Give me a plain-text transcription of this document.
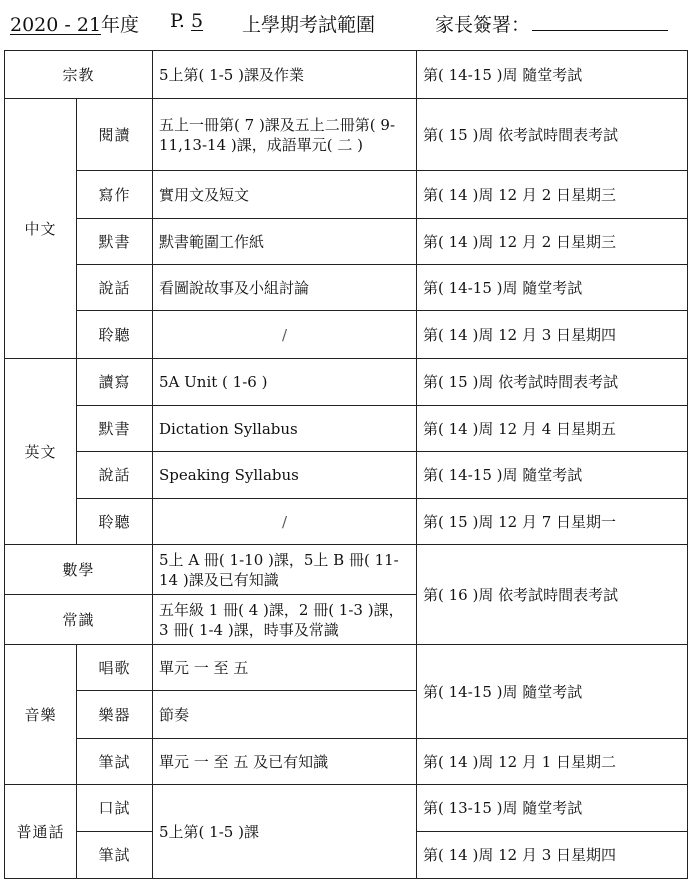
2020 - 21年度 P. 5	上學期考試範圍	家長簽署：
宗教		5上第( 1-5 )課及作業	第( 14-15 )周 隨堂考試
中文	閱讀	五上一冊第( 7 )課及五上二冊第( 9-11,13-14 )課，成語單元( 二 )	第( 15 )周 依考試時間表考試
	寫作	實用文及短文	第( 14 )周 12 月 2 日星期三
	默書	默書範圍工作紙	第( 14 )周 12 月 2 日星期三
	說話	看圖說故事及小組討論	第( 14-15 )周 隨堂考試
	聆聽	/	第( 14 )周 12 月 3 日星期四
英文	讀寫	5A Unit ( 1-6 )	第( 15 )周 依考試時間表考試
	默書	Dictation Syllabus	第( 14 )周 12 月 4 日星期五
	說話	Speaking Syllabus	第( 14-15 )周 隨堂考試
	聆聽	/	第( 15 )周 12 月 7 日星期一
數學		5上 A 冊( 1-10 )課，5上 B 冊( 11-14 )課及已有知識	第( 16 )周 依考試時間表考試
常識		五年級 1 冊( 4 )課，2 冊( 1-3 )課，3 冊( 1-4 )課，時事及常識	
音樂	唱歌	單元 一 至 五	第( 14-15 )周 隨堂考試
	樂器	節奏	
	筆試	單元 一 至 五 及已有知識	第( 14 )周 12 月 1 日星期二
普通話	口試	5上第( 1-5 )課	第( 13-15 )周 隨堂考試
	筆試		第( 14 )周 12 月 3 日星期四
